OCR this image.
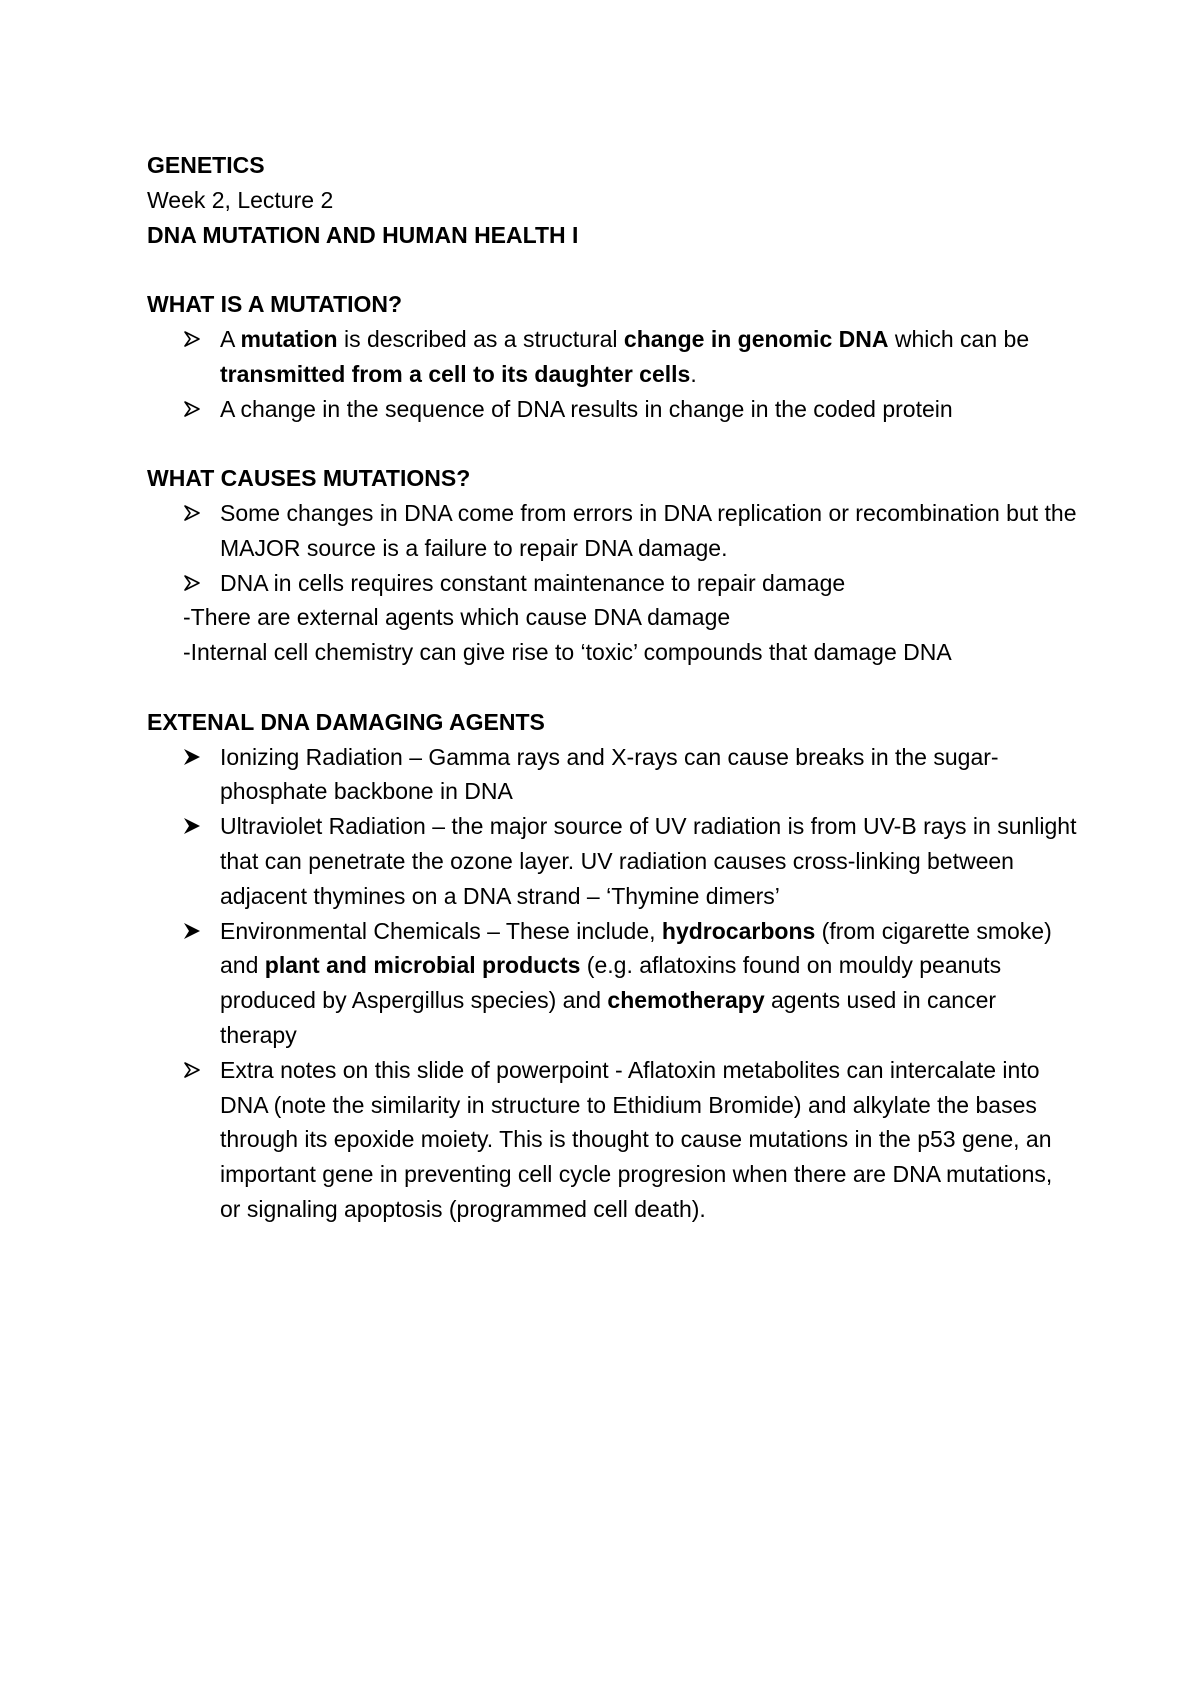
GENETICS

Week 2, Lecture 2

DNA MUTATION AND HUMAN HEALTH I

WHAT IS A MUTATION?

A mutation is described as a structural change in genomic DNA which can be transmitted from a cell to its daughter cells.
A change in the sequence of DNA results in change in the coded protein

WHAT CAUSES MUTATIONS?

Some changes in DNA come from errors in DNA replication or recombination but the MAJOR source is a failure to repair DNA damage.
DNA in cells requires constant maintenance to repair damage

-There are external agents which cause DNA damage

-Internal cell chemistry can give rise to ‘toxic’ compounds that damage DNA

EXTENAL DNA DAMAGING AGENTS

Ionizing Radiation – Gamma rays and X-rays can cause breaks in the sugar-phosphate backbone in DNA
Ultraviolet Radiation – the major source of UV radiation is from UV-B rays in sunlight that can penetrate the ozone layer. UV radiation causes cross-linking between adjacent thymines on a DNA strand – ‘Thymine dimers’
Environmental Chemicals – These include, hydrocarbons (from cigarette smoke) and plant and microbial products (e.g. aflatoxins found on mouldy peanuts produced by Aspergillus species) and chemotherapy agents used in cancer therapy
Extra notes on this slide of powerpoint - Aflatoxin metabolites can intercalate into DNA (note the similarity in structure to Ethidium Bromide) and alkylate the bases through its epoxide moiety. This is thought to cause mutations in the p53 gene, an important gene in preventing cell cycle progresion when there are DNA mutations, or signaling apoptosis (programmed cell death).
